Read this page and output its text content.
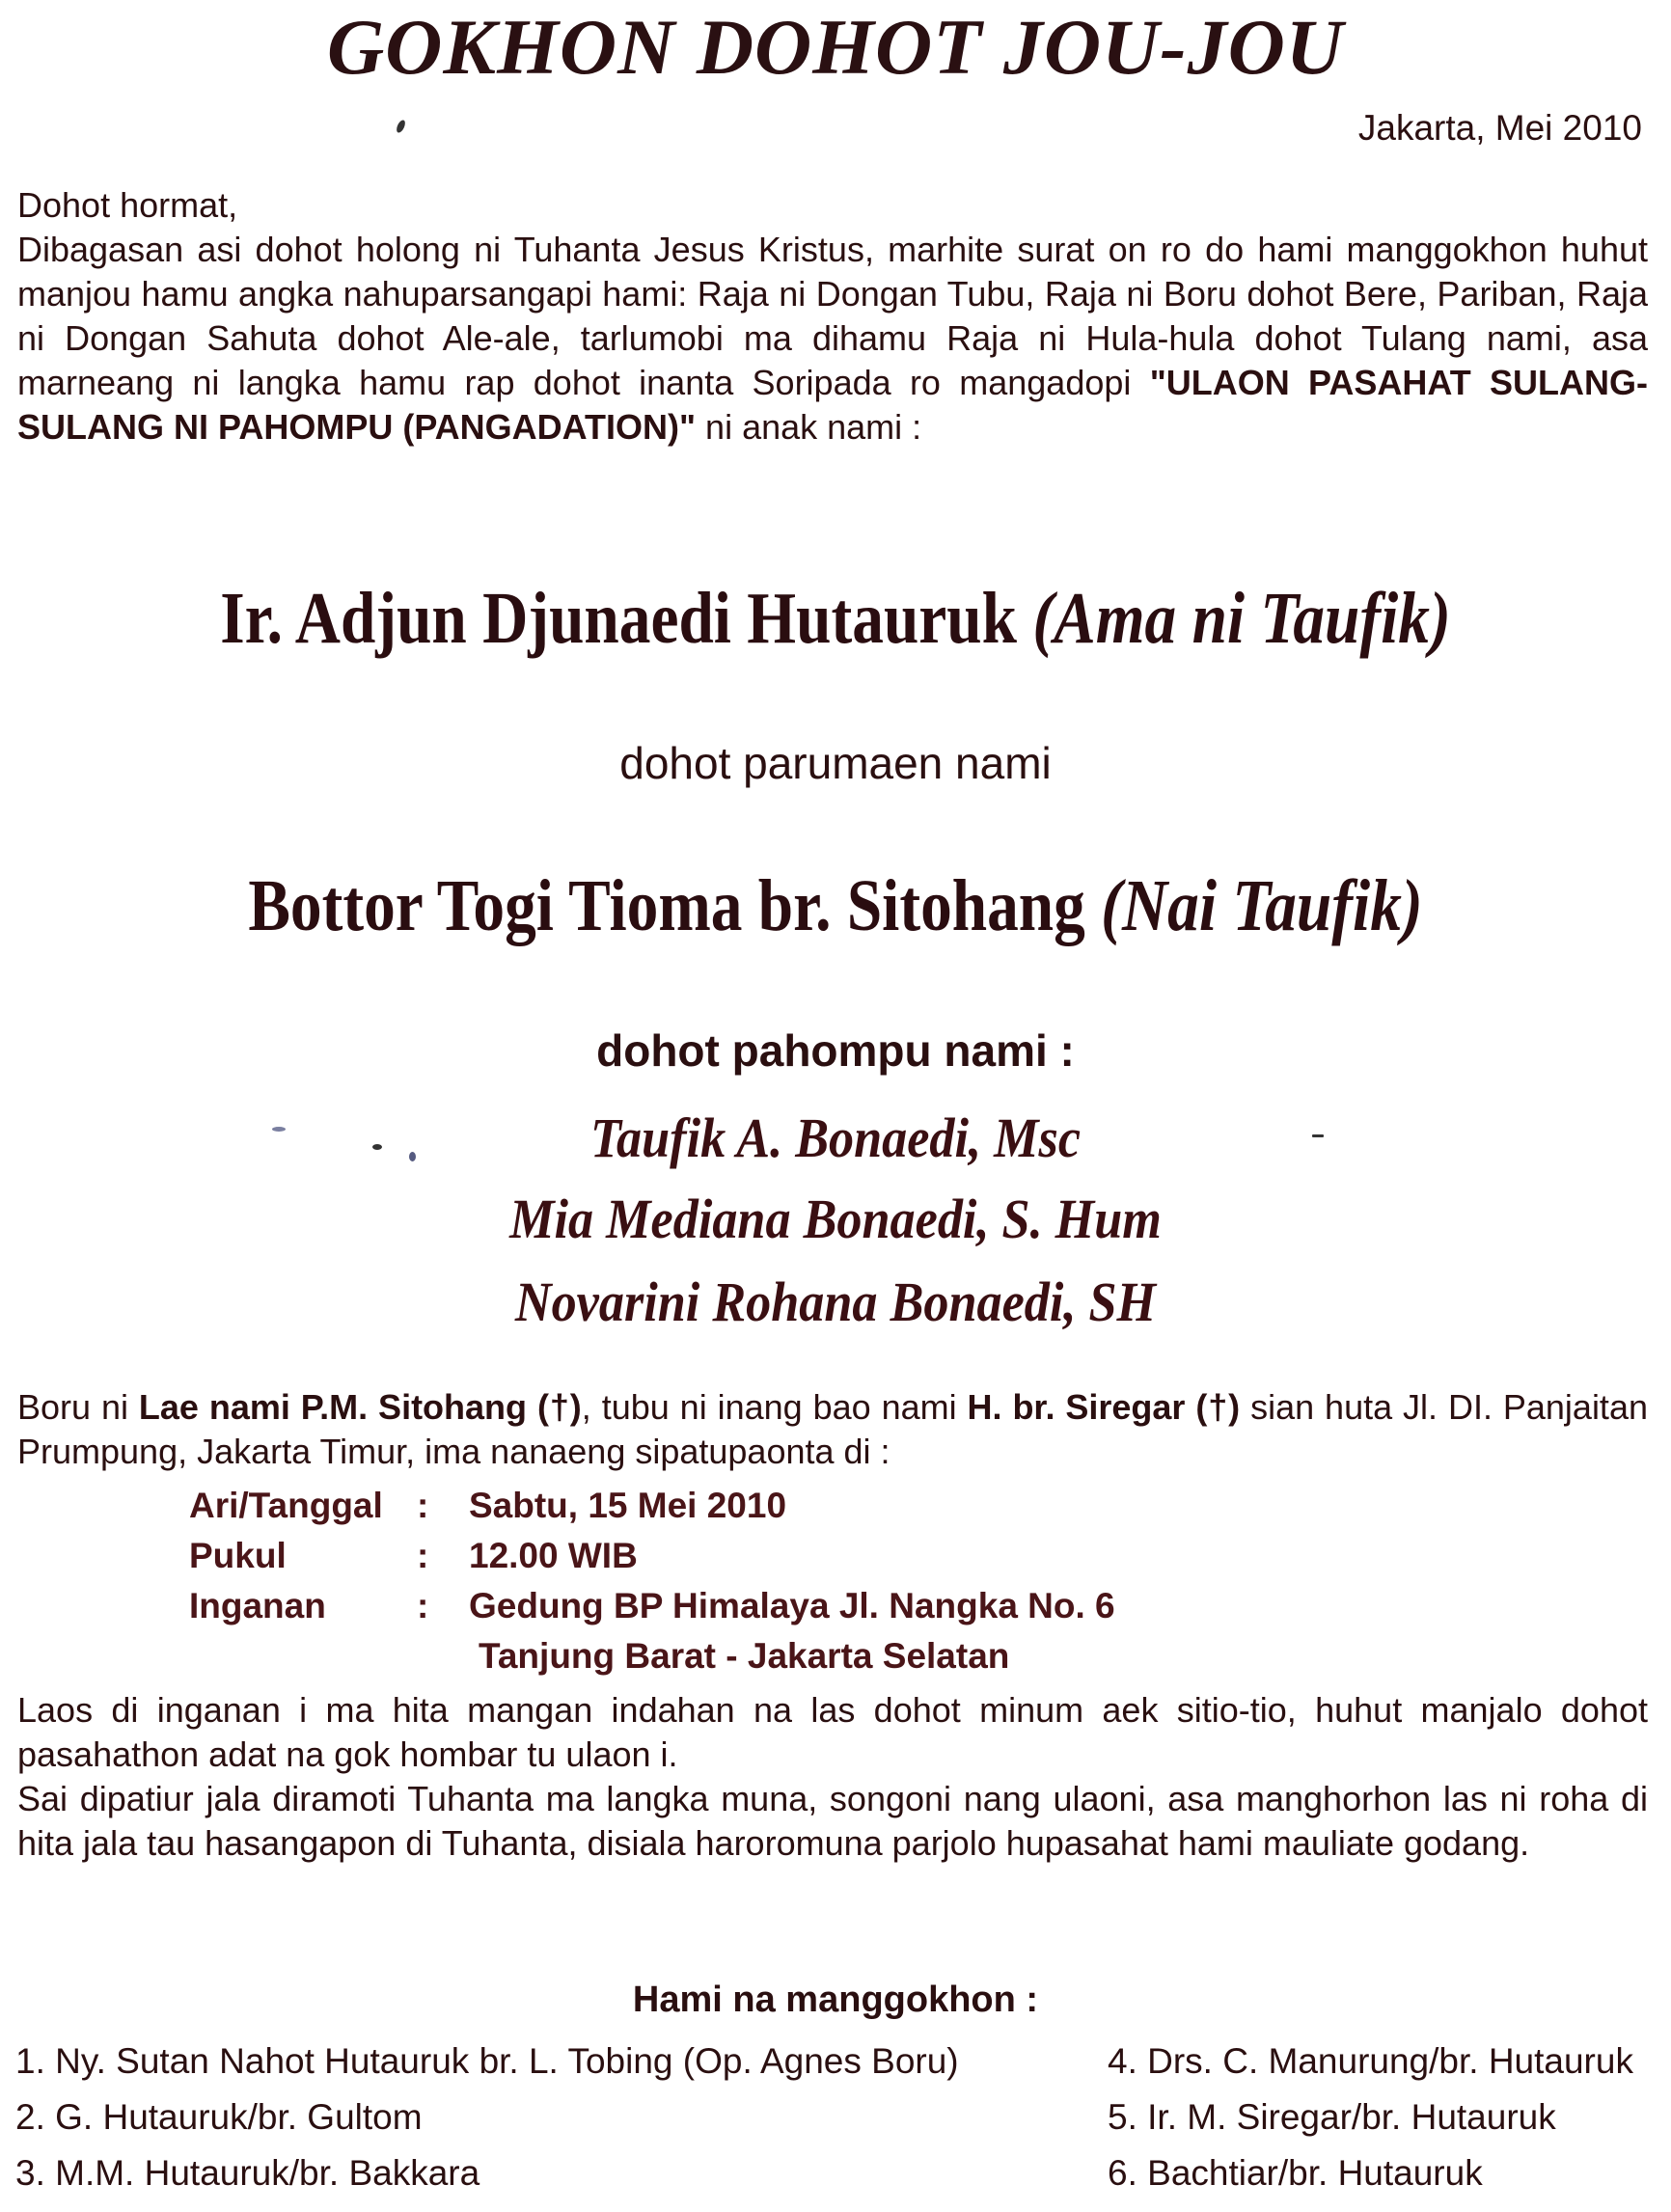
GOKHON DOHOT JOU-JOU
Jakarta, Mei 2010
Dohot hormat,
Dibagasan asi dohot holong ni Tuhanta Jesus Kristus, marhite surat on ro do hami manggokhon huhut manjou hamu angka nahuparsangapi hami: Raja ni Dongan Tubu, Raja ni Boru dohot Bere, Pariban, Raja ni Dongan Sahuta dohot Ale-ale, tarlumobi ma dihamu Raja ni Hula-hula dohot Tulang nami, asa marneang ni langka hamu rap dohot inanta Soripada ro mangadopi "ULAON PASAHAT SULANG-SULANG NI PAHOMPU (PANGADATION)" ni anak nami :
Ir. Adjun Djunaedi Hutauruk (Ama ni Taufik)
dohot parumaen nami
Bottor Togi Tioma br. Sitohang (Nai Taufik)
dohot pahompu nami :
Taufik A. Bonaedi, Msc
Mia Mediana Bonaedi, S. Hum
Novarini Rohana Bonaedi, SH
Boru ni Lae nami P.M. Sitohang (†), tubu ni inang bao nami H. br. Siregar (†) sian huta Jl. DI. Panjaitan Prumpung, Jakarta Timur, ima nanaeng sipatupaonta di :
Ari/Tanggal : Sabtu, 15 Mei 2010
Pukul	: 12.00 WIB
Inganan	: Gedung BP Himalaya Jl. Nangka No. 6
Tanjung Barat - Jakarta Selatan
Laos di inganan i ma hita mangan indahan na las dohot minum aek sitio-tio, huhut manjalo dohot pasahathon adat na gok hombar tu ulaon i.
Sai dipatiur jala diramoti Tuhanta ma langka muna, songoni nang ulaoni, asa manghorhon las ni roha di hita jala tau hasangapon di Tuhanta, disiala haroromuna parjolo hupasahat hami mauliate godang.
Hami na manggokhon :
1. Ny. Sutan Nahot Hutauruk br. L. Tobing (Op. Agnes Boru)
2. G. Hutauruk/br. Gultom
3. M.M. Hutauruk/br. Bakkara
4. Drs. C. Manurung/br. Hutauruk
5. Ir. M. Siregar/br. Hutauruk
6. Bachtiar/br. Hutauruk
